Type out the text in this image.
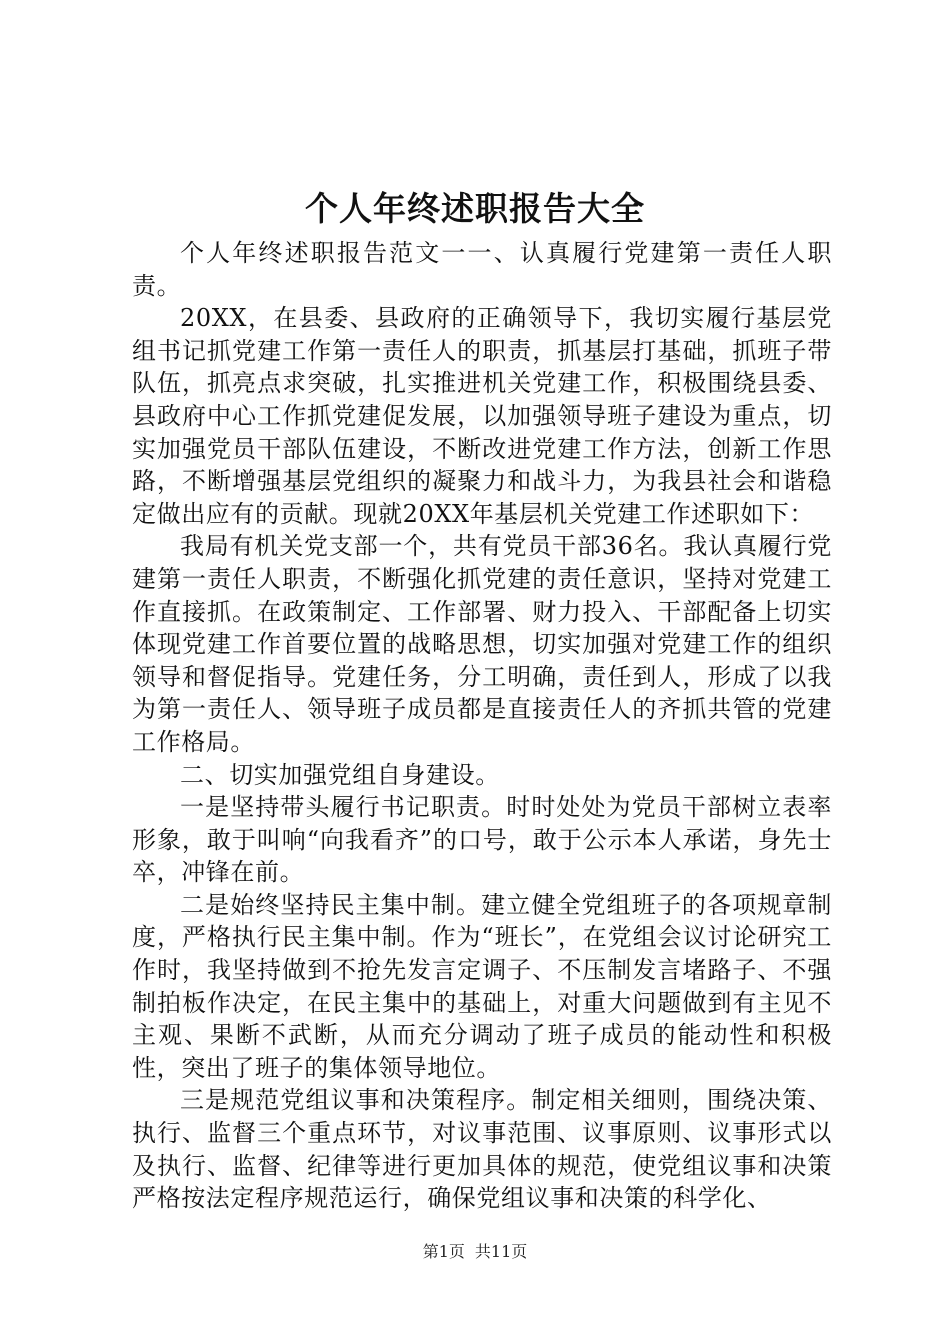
个人年终述职报告大全

个人年终述职报告范文一一、认真履行党建第一责任人职责。

20XX，在县委、县政府的正确领导下，我切实履行基层党组书记抓党建工作第一责任人的职责，抓基层打基础，抓班子带队伍，抓亮点求突破，扎实推进机关党建工作，积极围绕县委、县政府中心工作抓党建促发展，以加强领导班子建设为重点，切实加强党员干部队伍建设，不断改进党建工作方法，创新工作思路，不断增强基层党组织的凝聚力和战斗力，为我县社会和谐稳定做出应有的贡献。现就20XX年基层机关党建工作述职如下：

我局有机关党支部一个，共有党员干部36名。我认真履行党建第一责任人职责，不断强化抓党建的责任意识，坚持对党建工作直接抓。在政策制定、工作部署、财力投入、干部配备上切实体现党建工作首要位置的战略思想，切实加强对党建工作的组织领导和督促指导。党建任务，分工明确，责任到人，形成了以我为第一责任人、领导班子成员都是直接责任人的齐抓共管的党建工作格局。

二、切实加强党组自身建设。

一是坚持带头履行书记职责。时时处处为党员干部树立表率形象，敢于叫响“向我看齐”的口号，敢于公示本人承诺，身先士卒，冲锋在前。

二是始终坚持民主集中制。建立健全党组班子的各项规章制度，严格执行民主集中制。作为“班长”，在党组会议讨论研究工作时，我坚持做到不抢先发言定调子、不压制发言堵路子、不强制拍板作决定，在民主集中的基础上，对重大问题做到有主见不主观、果断不武断，从而充分调动了班子成员的能动性和积极性，突出了班子的集体领导地位。

三是规范党组议事和决策程序。制定相关细则，围绕决策、执行、监督三个重点环节，对议事范围、议事原则、议事形式以及执行、监督、纪律等进行更加具体的规范，使党组议事和决策严格按法定程序规范运行，确保党组议事和决策的科学化、

第1页 共11页
